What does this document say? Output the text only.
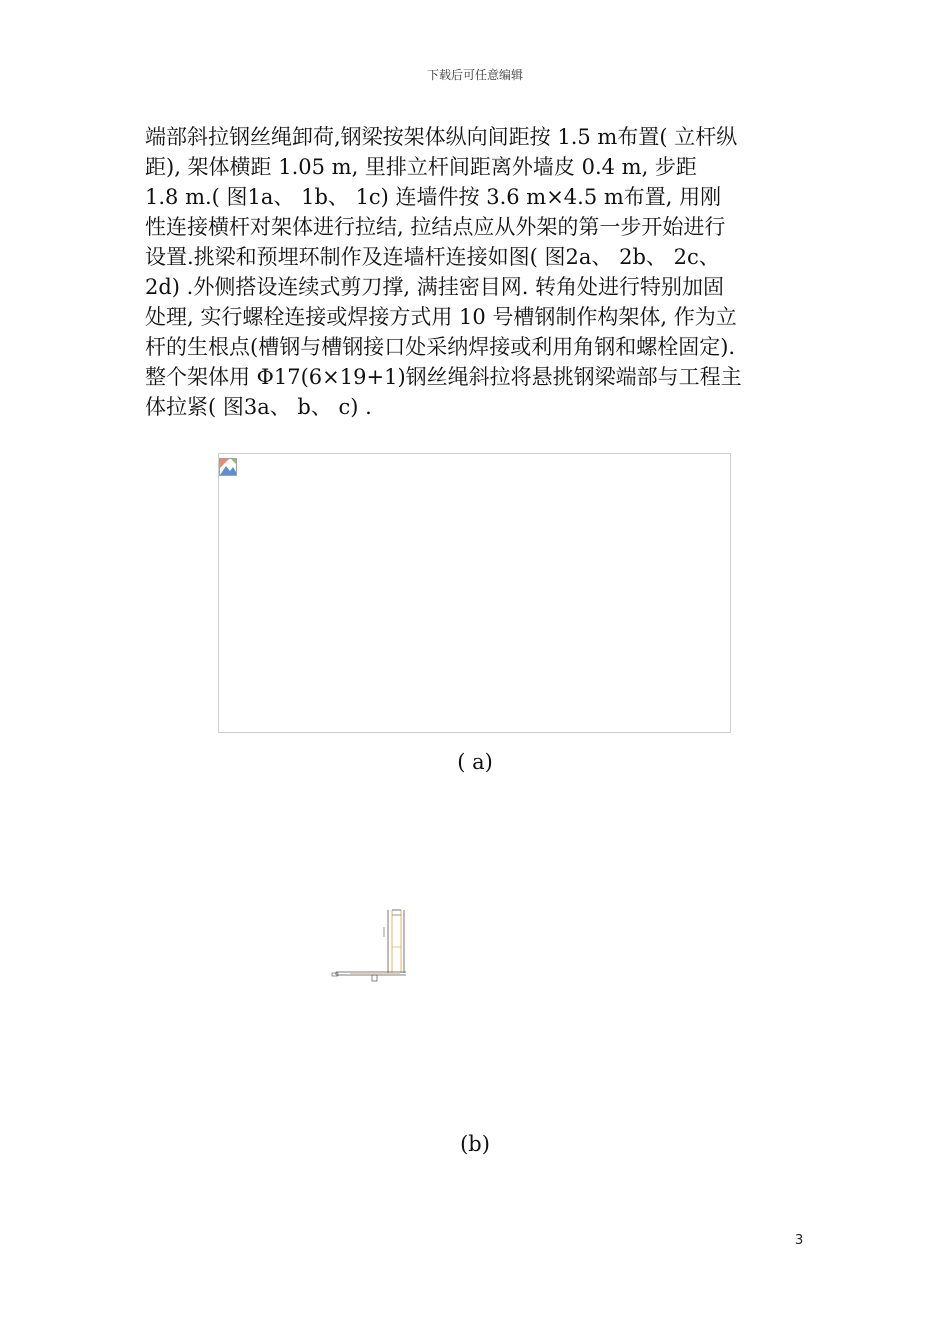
下载后可任意编辑
端部斜拉钢丝绳卸荷,钢梁按架体纵向间距按 1.5 m布置( 立杆纵
距), 架体横距 1.05 m, 里排立杆间距离外墙皮 0.4 m, 步距
1.8 m.( 图1a、 1b、 1c) 连墙件按 3.6 m×4.5 m布置, 用刚
性连接横杆对架体进行拉结, 拉结点应从外架的第一步开始进行
设置.挑梁和预埋环制作及连墙杆连接如图( 图2a、 2b、 2c、
2d) .外侧搭设连续式剪刀撑, 满挂密目网. 转角处进行特别加固
处理, 实行螺栓连接或焊接方式用 10 号槽钢制作构架体, 作为立
杆的生根点(槽钢与槽钢接口处采纳焊接或利用角钢和螺栓固定).
整个架体用 Φ17(6×19+1)钢丝绳斜拉将悬挑钢梁端部与工程主
体拉紧( 图3a、 b、 c) .
( a)
(b)
3
